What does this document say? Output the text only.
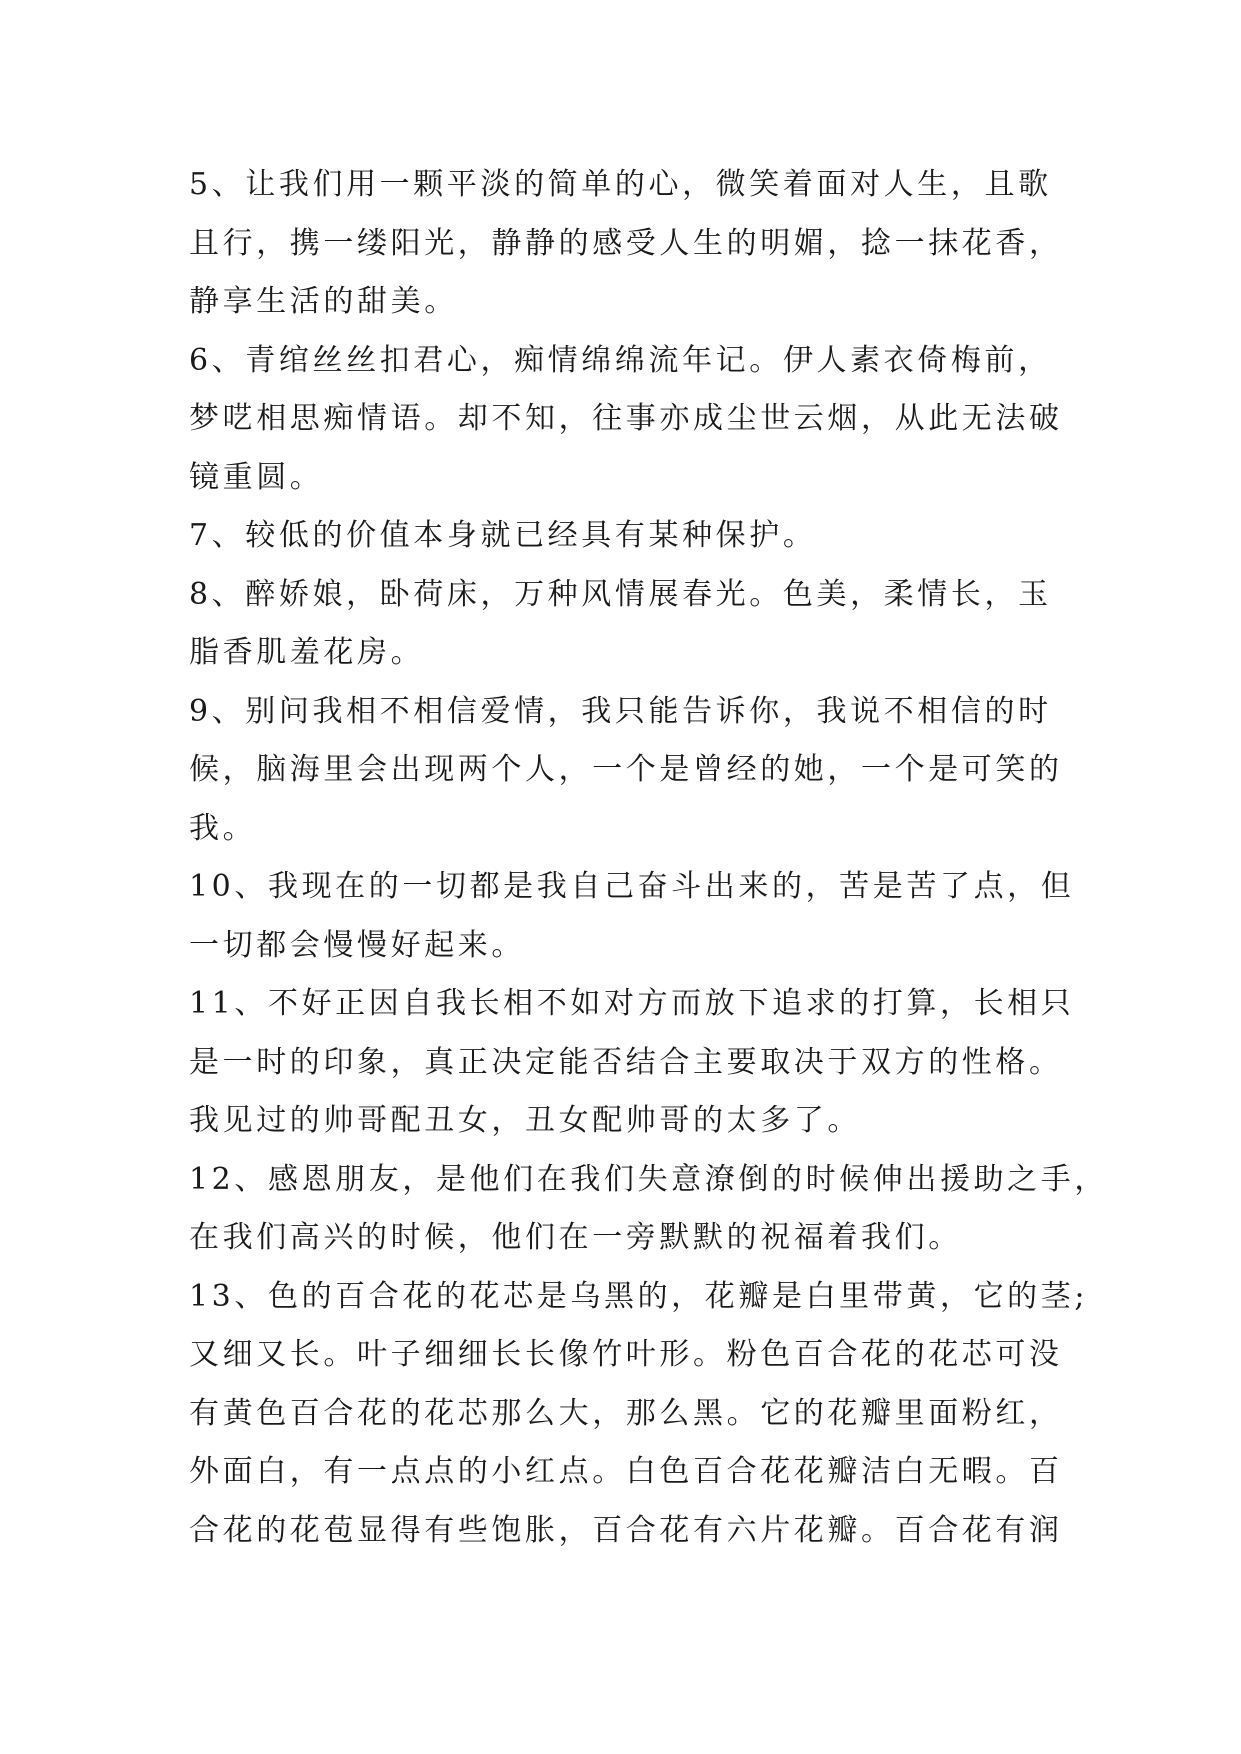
5、让我们用一颗平淡的简单的心，微笑着面对人生，且歌
且行，携一缕阳光，静静的感受人生的明媚，捻一抹花香，
静享生活的甜美。
6、青绾丝丝扣君心，痴情绵绵流年记。伊人素衣倚梅前，
梦呓相思痴情语。却不知，往事亦成尘世云烟，从此无法破
镜重圆。
7、较低的价值本身就已经具有某种保护。
8、醉娇娘，卧荷床，万种风情展春光。色美，柔情长，玉
脂香肌羞花房。
9、别问我相不相信爱情，我只能告诉你，我说不相信的时
候，脑海里会出现两个人，一个是曾经的她，一个是可笑的
我。
10、我现在的一切都是我自己奋斗出来的，苦是苦了点，但
一切都会慢慢好起来。
11、不好正因自我长相不如对方而放下追求的打算，长相只
是一时的印象，真正决定能否结合主要取决于双方的性格。
我见过的帅哥配丑女，丑女配帅哥的太多了。
12、感恩朋友，是他们在我们失意潦倒的时候伸出援助之手，
在我们高兴的时候，他们在一旁默默的祝福着我们。
13、色的百合花的花芯是乌黑的，花瓣是白里带黄，它的茎;
又细又长。叶子细细长长像竹叶形。粉色百合花的花芯可没
有黄色百合花的花芯那么大，那么黑。它的花瓣里面粉红，
外面白，有一点点的小红点。白色百合花花瓣洁白无暇。百
合花的花苞显得有些饱胀，百合花有六片花瓣。百合花有润
